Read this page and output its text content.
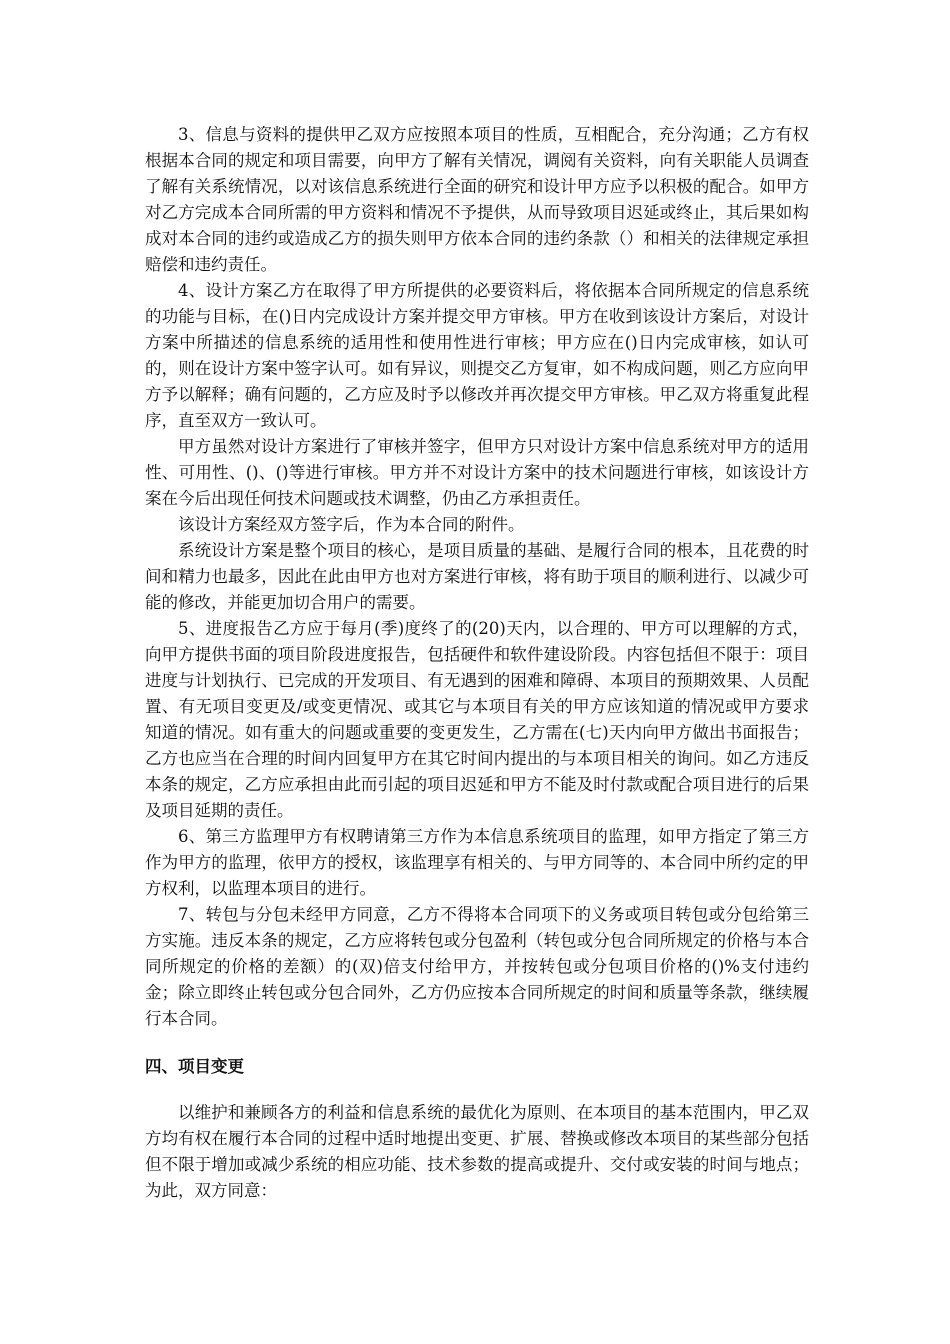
3、信息与资料的提供甲乙双方应按照本项目的性质，互相配合，充分沟通；乙方有权根据本合同的规定和项目需要，向甲方了解有关情况，调阅有关资料，向有关职能人员调查了解有关系统情况，以对该信息系统进行全面的研究和设计甲方应予以积极的配合。如甲方对乙方完成本合同所需的甲方资料和情况不予提供，从而导致项目迟延或终止，其后果如构成对本合同的违约或造成乙方的损失则甲方依本合同的违约条款（）和相关的法律规定承担赔偿和违约责任。

4、设计方案乙方在取得了甲方所提供的必要资料后，将依据本合同所规定的信息系统的功能与目标，在()日内完成设计方案并提交甲方审核。甲方在收到该设计方案后，对设计方案中所描述的信息系统的适用性和使用性进行审核；甲方应在()日内完成审核，如认可的，则在设计方案中签字认可。如有异议，则提交乙方复审，如不构成问题，则乙方应向甲方予以解释；确有问题的，乙方应及时予以修改并再次提交甲方审核。甲乙双方将重复此程序，直至双方一致认可。

甲方虽然对设计方案进行了审核并签字，但甲方只对设计方案中信息系统对甲方的适用性、可用性、()、()等进行审核。甲方并不对设计方案中的技术问题进行审核，如该设计方案在今后出现任何技术问题或技术调整，仍由乙方承担责任。

该设计方案经双方签字后，作为本合同的附件。

系统设计方案是整个项目的核心，是项目质量的基础、是履行合同的根本，且花费的时间和精力也最多，因此在此由甲方也对方案进行审核，将有助于项目的顺利进行、以减少可能的修改，并能更加切合用户的需要。

5、进度报告乙方应于每月(季)度终了的(20)天内，以合理的、甲方可以理解的方式，向甲方提供书面的项目阶段进度报告，包括硬件和软件建设阶段。内容包括但不限于：项目进度与计划执行、已完成的开发项目、有无遇到的困难和障碍、本项目的预期效果、人员配置、有无项目变更及/或变更情况、或其它与本项目有关的甲方应该知道的情况或甲方要求知道的情况。如有重大的问题或重要的变更发生，乙方需在(七)天内向甲方做出书面报告；乙方也应当在合理的时间内回复甲方在其它时间内提出的与本项目相关的询问。如乙方违反本条的规定，乙方应承担由此而引起的项目迟延和甲方不能及时付款或配合项目进行的后果及项目延期的责任。

6、第三方监理甲方有权聘请第三方作为本信息系统项目的监理，如甲方指定了第三方作为甲方的监理，依甲方的授权，该监理享有相关的、与甲方同等的、本合同中所约定的甲方权利，以监理本项目的进行。

7、转包与分包未经甲方同意，乙方不得将本合同项下的义务或项目转包或分包给第三方实施。违反本条的规定，乙方应将转包或分包盈利（转包或分包合同所规定的价格与本合同所规定的价格的差额）的(双)倍支付给甲方，并按转包或分包项目价格的()%支付违约金；除立即终止转包或分包合同外，乙方仍应按本合同所规定的时间和质量等条款，继续履行本合同。

四、项目变更

以维护和兼顾各方的利益和信息系统的最优化为原则、在本项目的基本范围内，甲乙双方均有权在履行本合同的过程中适时地提出变更、扩展、替换或修改本项目的某些部分包括但不限于增加或减少系统的相应功能、技术参数的提高或提升、交付或安装的时间与地点；为此，双方同意：
